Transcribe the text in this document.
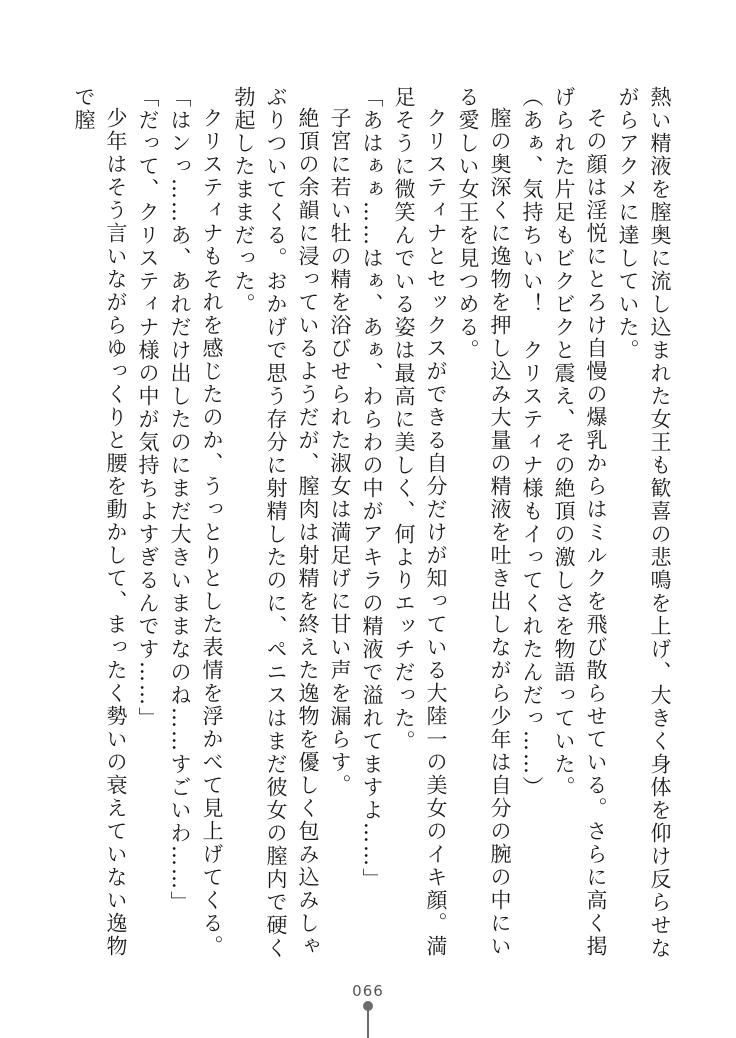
熱い精液を膣奥に流し込まれた女王も歓喜の悲鳴を上げ、大きく身体を仰け反らせながらアクメに達していた。

その顔は淫悦にとろけ自慢の爆乳からはミルクを飛び散らせている。さらに高く掲げられた片足もビクビクと震え、その絶頂の激しさを物語っていた。

（あぁ、気持ちいい！　クリスティナ様もイってくれたんだっ……）

膣の奥深くに逸物を押し込み大量の精液を吐き出しながら少年は自分の腕の中にいる愛しい女王を見つめる。

クリスティナとセックスができる自分だけが知っている大陸一の美女のイキ顔。満足そうに微笑んでいる姿は最高に美しく、何よりエッチだった。

「あはぁぁ……はぁ、あぁ、わらわの中がアキラの精液で溢れてますよ……」

子宮に若い牡の精を浴びせられた淑女は満足げに甘い声を漏らす。

絶頂の余韻に浸っているようだが、膣肉は射精を終えた逸物を優しく包み込みしゃぶりついてくる。おかげで思う存分に射精したのに、ペニスはまだ彼女の膣内で硬く勃起したままだった。

クリスティナもそれを感じたのか、うっとりとした表情を浮かべて見上げてくる。

「はンっ……あ、あれだけ出したのにまだ大きいままなのね……すごいわ……」

「だって、クリスティナ様の中が気持ちよすぎるんです……」

少年はそう言いながらゆっくりと腰を動かして、まったく勢いの衰えていない逸物で膣

066
